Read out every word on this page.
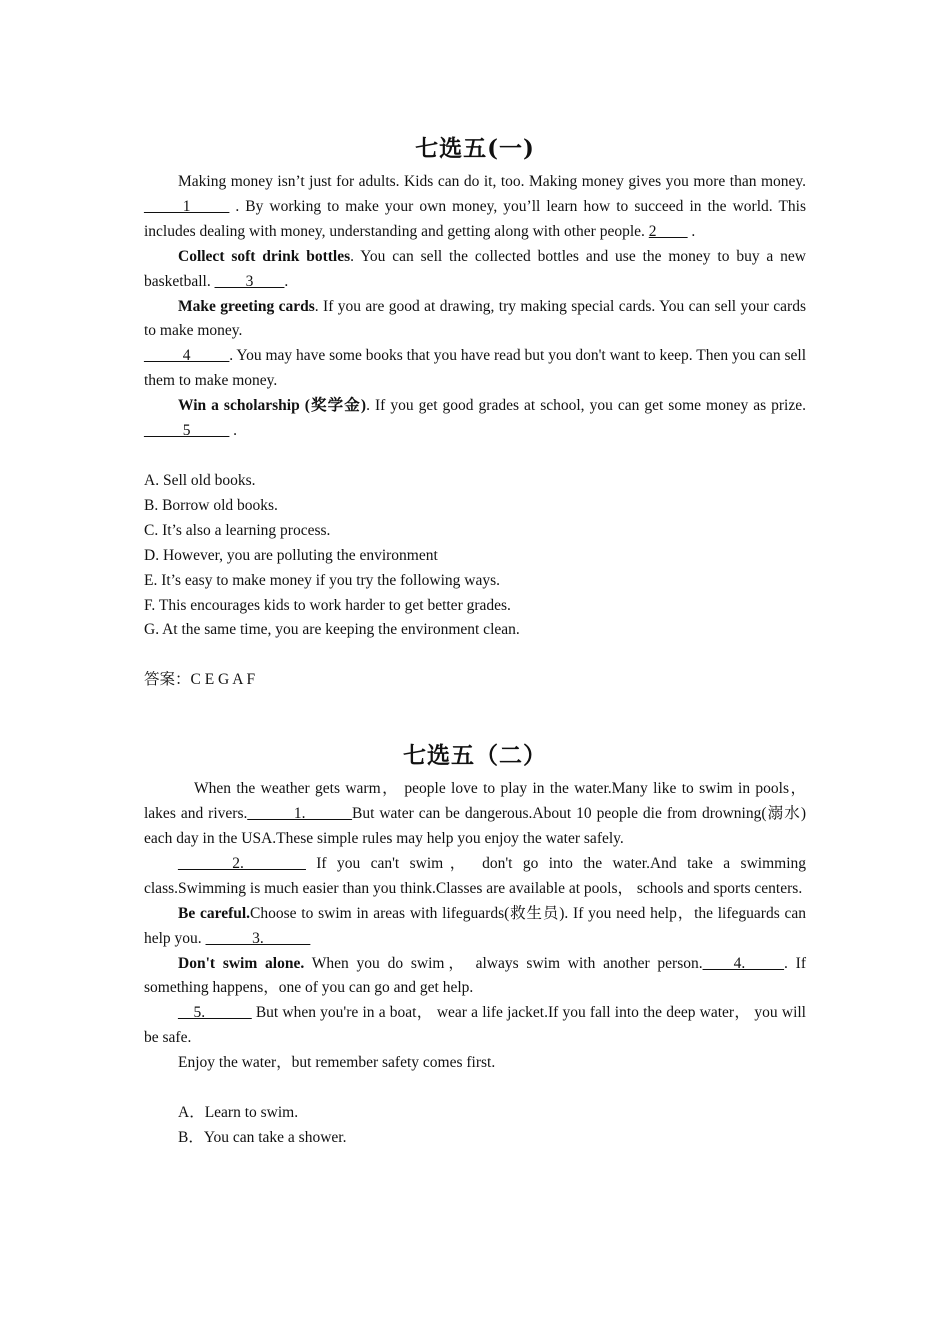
七选五(一)

Making money isn’t just for adults. Kids can do it, too. Making money gives you more than money. _____1_____ . By working to make your own money, you’ll learn how to succeed in the world. This includes dealing with money, understanding and getting along with other people. 2____ .

Collect soft drink bottles. You can sell the collected bottles and use the money to buy a new basketball. ____3____.

Make greeting cards. If you are good at drawing, try making special cards. You can sell your cards to make money.

_____4_____. You may have some books that you have read but you don't want to keep. Then you can sell them to make money.

Win a scholarship (奖学金). If you get good grades at school, you can get some money as prize. _____5_____ .

A. Sell old books.

B. Borrow old books.

C. It’s also a learning process.

D. However, you are polluting the environment

E. It’s easy to make money if you try the following ways.

F. This encourages kids to work harder to get better grades.

G. At the same time, you are keeping the environment clean.

答案：C E G A F

七选五（二）

When the weather gets warm， people love to play in the water.Many like to swim in pools， lakes and rivers.______1.______But water can be dangerous.About 10 people die from drowning(溺水) each day in the USA.These simple rules may help you enjoy the water safely.

_______2.________ If you can't swim， don't go into the water.And take a swimming class.Swimming is much easier than you think.Classes are available at pools， schools and sports centers.

Be careful.Choose to swim in areas with lifeguards(救生员). If you need help，the lifeguards can help you. ______3.______

Don't swim alone. When you do swim， always swim with another person.____4._____. If something happens，one of you can go and get help.

__5.______ But when you're in a boat， wear a life jacket.If you fall into the deep water， you will be safe.

Enjoy the water，but remember safety comes first.

A．Learn to swim.

B．You can take a shower.
